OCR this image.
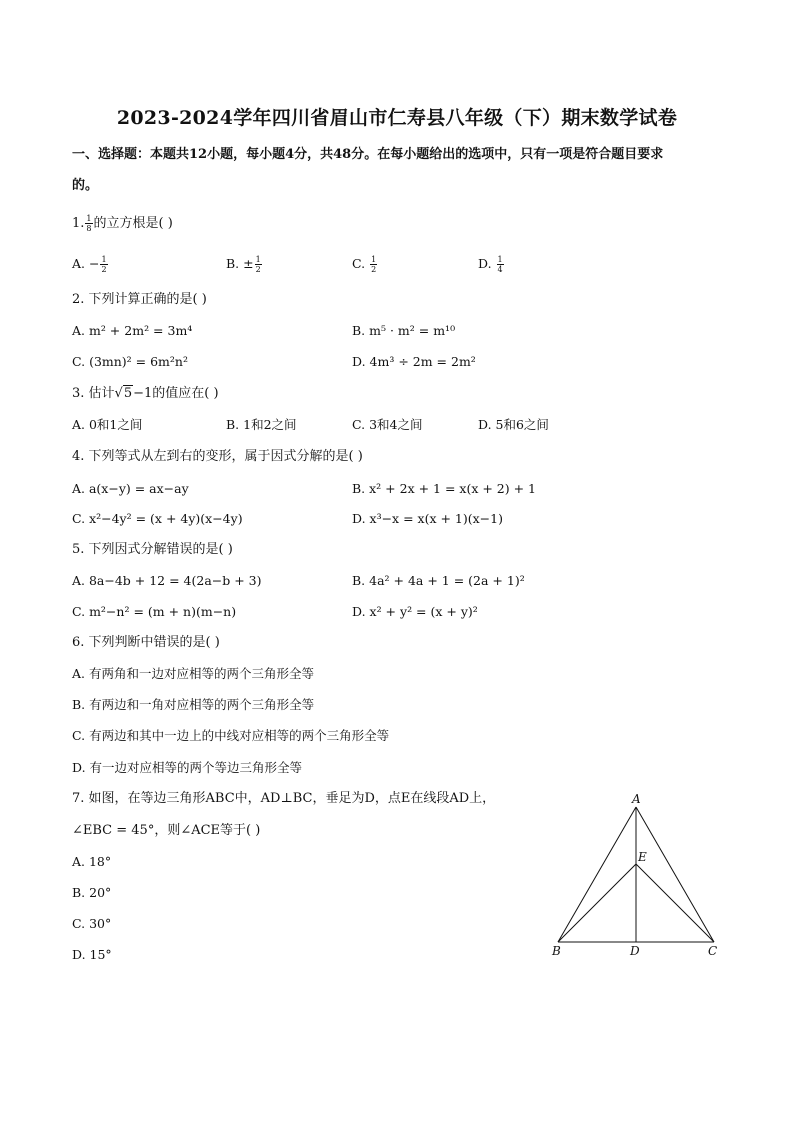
2023-2024学年四川省眉山市仁寿县八年级（下）期末数学试卷
一、选择题：本题共12小题，每小题4分，共48分。在每小题给出的选项中，只有一项是符合题目要求
的。
1. $\frac{1}{8}$ 的立方根是( )
A. − $\frac{1}{2}$	B. ± $\frac{1}{2}$	C. $\frac{1}{2}$	D. $\frac{1}{4}$
2. 下列计算正确的是( )
A. m² + 2m² = 3m⁴	B. m⁵ · m² = m¹⁰
C. (3mn)² = 6m²n²	D. 4m³ ÷ 2m = 2m²
3. 估计√5−1的值应在( )
A. 0和1之间	B. 1和2之间	C. 3和4之间	D. 5和6之间
4. 下列等式从左到右的变形，属于因式分解的是( )
A. a(x−y) = ax−ay	B. x² + 2x + 1 = x(x + 2) + 1
C. x²−4y² = (x + 4y)(x−4y)	D. x³−x = x(x + 1)(x−1)
5. 下列因式分解错误的是( )
A. 8a−4b + 12 = 4(2a−b + 3)	B. 4a² + 4a + 1 = (2a + 1)²
C. m²−n² = (m + n)(m−n)	D. x² + y² = (x + y)²
6. 下列判断中错误的是( )
A. 有两角和一边对应相等的两个三角形全等
B. 有两边和一角对应相等的两个三角形全等
C. 有两边和其中一边上的中线对应相等的两个三角形全等
D. 有一边对应相等的两个等边三角形全等
7. 如图，在等边三角形ABC中，AD⊥BC，垂足为D，点E在线段AD上，
∠EBC = 45°，则∠ACE等于( )
A. 18°
B. 20°
C. 30°
D. 15°
A
B	C
D
E
